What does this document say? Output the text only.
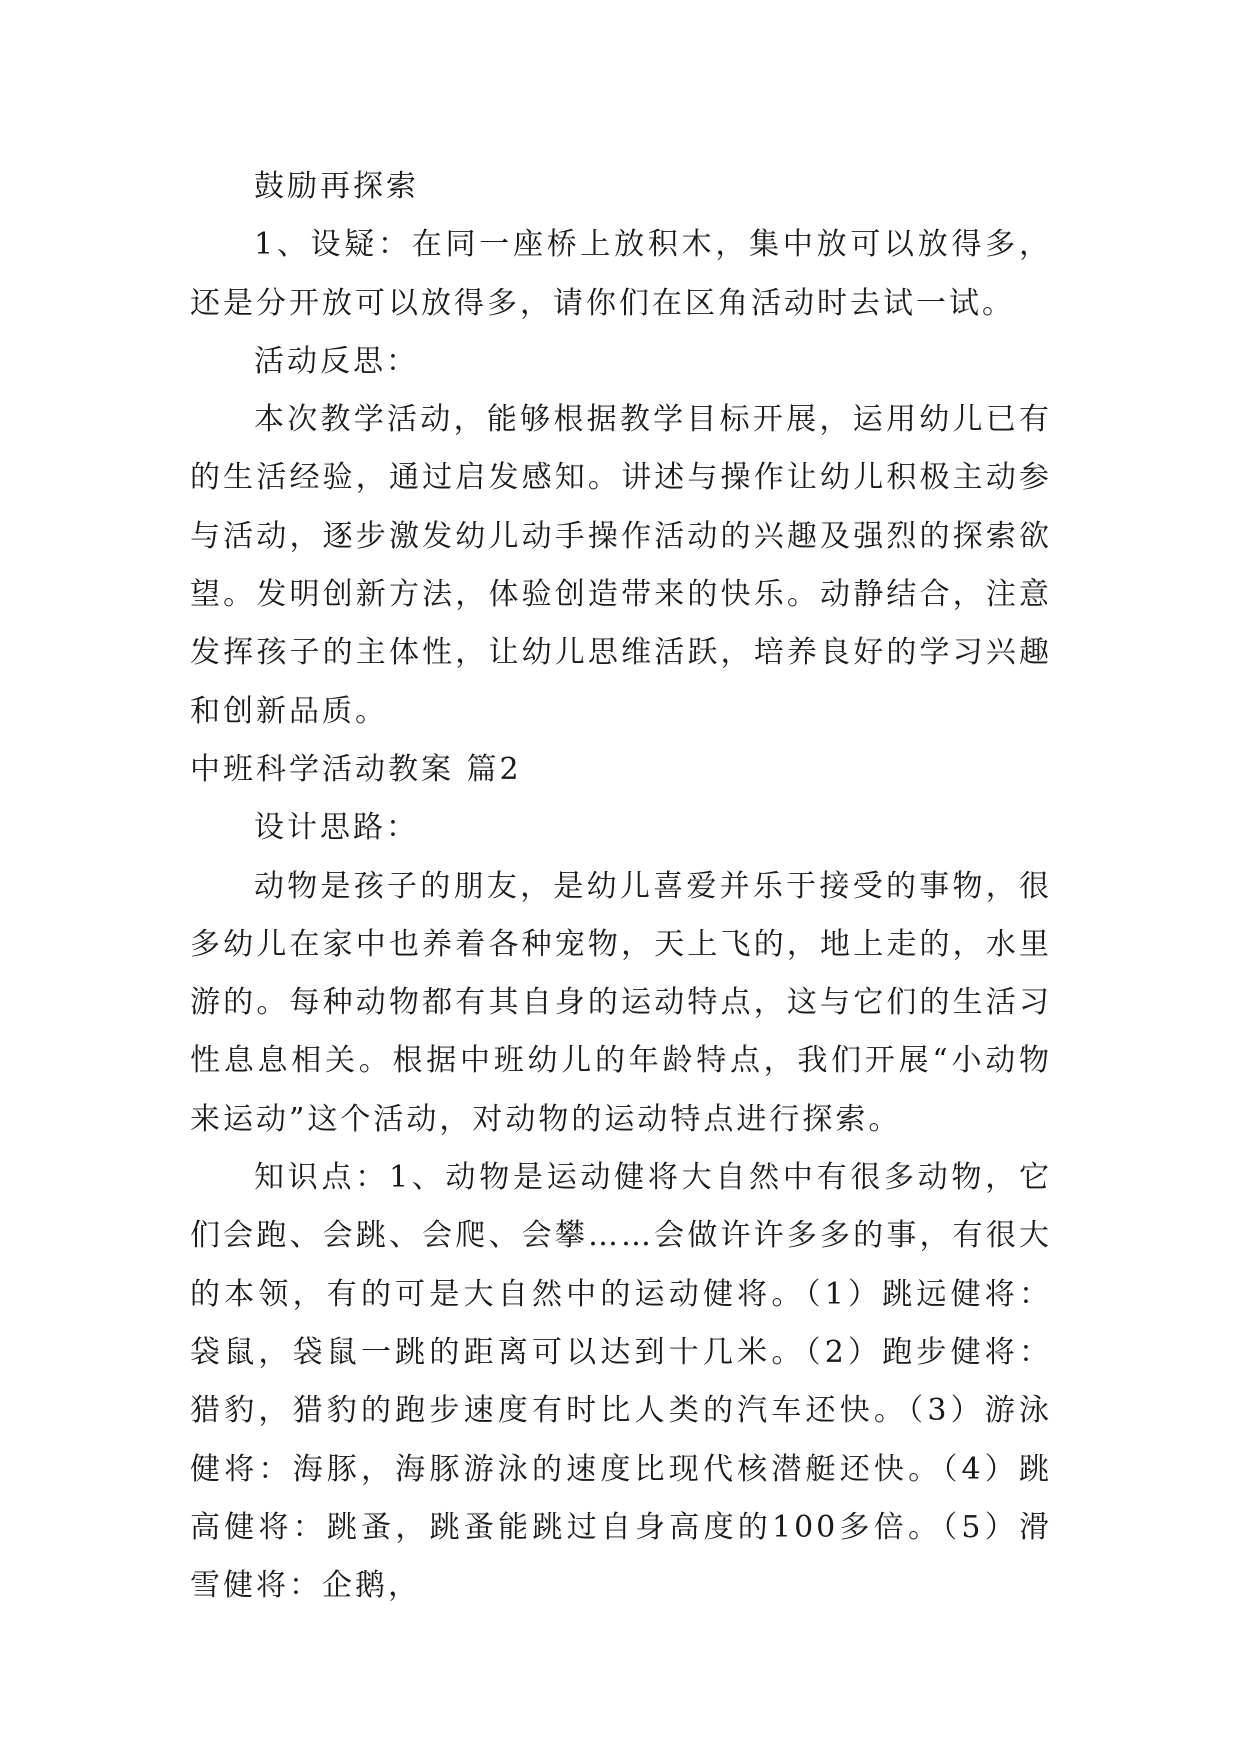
鼓励再探索

1、设疑：在同一座桥上放积木，集中放可以放得多，还是分开放可以放得多，请你们在区角活动时去试一试。

活动反思：

本次教学活动，能够根据教学目标开展，运用幼儿已有的生活经验，通过启发感知。讲述与操作让幼儿积极主动参与活动，逐步激发幼儿动手操作活动的兴趣及强烈的探索欲望。发明创新方法，体验创造带来的快乐。动静结合，注意发挥孩子的主体性，让幼儿思维活跃，培养良好的学习兴趣和创新品质。

中班科学活动教案 篇2

设计思路：

动物是孩子的朋友，是幼儿喜爱并乐于接受的事物，很多幼儿在家中也养着各种宠物，天上飞的，地上走的，水里游的。每种动物都有其自身的运动特点，这与它们的生活习性息息相关。根据中班幼儿的年龄特点，我们开展“小动物来运动”这个活动，对动物的运动特点进行探索。

知识点：1、动物是运动健将大自然中有很多动物，它们会跑、会跳、会爬、会攀……会做许许多多的事，有很大的本领，有的可是大自然中的运动健将。（1）跳远健将：袋鼠，袋鼠一跳的距离可以达到十几米。（2）跑步健将：猎豹，猎豹的跑步速度有时比人类的汽车还快。（3）游泳健将：海豚，海豚游泳的速度比现代核潜艇还快。（4）跳高健将：跳蚤，跳蚤能跳过自身高度的100多倍。（5）滑雪健将：企鹅，
